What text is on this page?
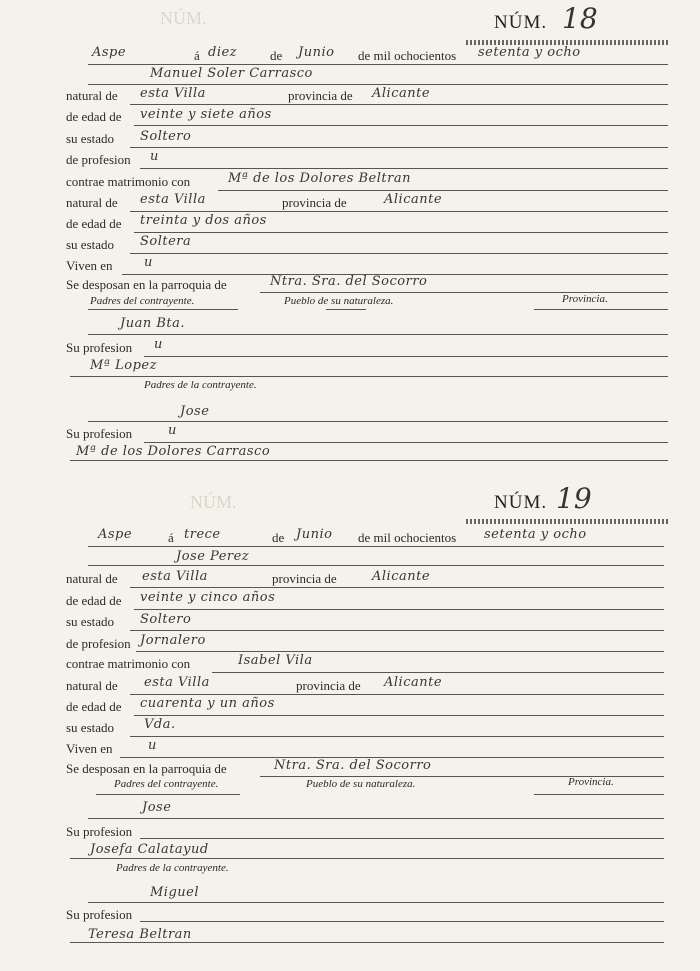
NÚM.
NÚM.
NÚM. 18
Aspe	á diez	de Junio de mil ochocientos setenta y ocho
Manuel Soler Carrasco
natural de esta Villa	provincia de Alicante
de edad de veinte y siete años
su estado Soltero
de profesion u
contrae matrimonio con	Mª de los Dolores Beltran
natural de esta Villa	provincia de	Alicante
de edad de treinta y dos años
su estado Soltera
Viven en u
Se desposan en la parroquia de	Ntra. Sra. del Socorro
Padres del contrayente.	Pueblo de su naturaleza.	Provincia.
Juan Bta.
Su profesion u
Mª Lopez
Padres de la contrayente.
Jose
Su profesion	u
Mª de los Dolores Carrasco
NÚM. 19
Aspe	á trece	de Junio de mil ochocientos setenta y ocho
Jose Perez
natural de esta Villa	provincia de	Alicante
de edad de veinte y cinco años
su estado Soltero
de profesion Jornalero
contrae matrimonio con	Isabel Vila
natural de esta Villa	provincia de Alicante
de edad de cuarenta y un años
su estado Vda.
Viven en	u
Se desposan en la parroquia de	Ntra. Sra. del Socorro
Padres del contrayente.	Pueblo de su naturaleza.	Provincia.
Jose
Su profesion
Josefa Calatayud
Padres de la contrayente.
Miguel
Su profesion
Teresa Beltran
